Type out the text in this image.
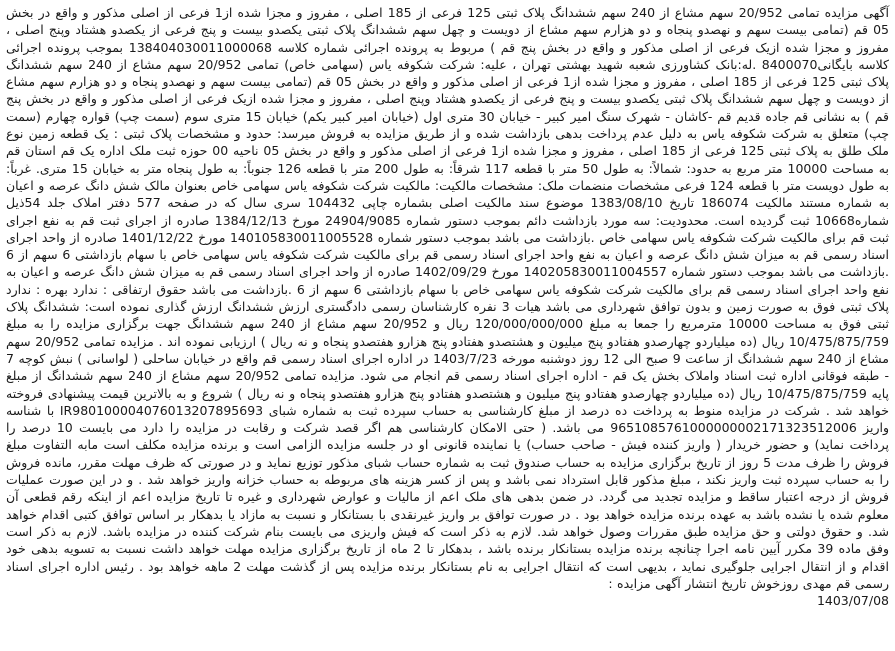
آگهی مزایده تمامی 20/952 سهم مشاع از 240 سهم ششدانگ پلاک ثبتی 125 فرعی از 185 اصلی ، مفروز و مجزا شده از1 فرعی از اصلی مذکور و واقع در بخش 05 قم (تمامی بیست سهم و نهصدو پنجاه و دو هزارم سهم مشاع از دویست و چهل سهم ششدانگ پلاک ثبتی یکصدو بیست و پنج فرعی از یکصدو هشتاد وپنج اصلی ، مفروز و مجزا شده ازیک فرعی از اصلی مذکور و واقع در بخش پنج قم ) مربوط به پرونده اجرائی شماره کلاسه 138404030011000068 بموجب پرونده اجرائی کلاسه بایگانی8400070 .له:بانک کشاورزی شعبه شهید بهشتی تهران ، علیه: شرکت شکوفه یاس (سهامی خاص) تمامی 20/952 سهم مشاع از 240 سهم ششدانگ پلاک ثبتی 125 فرعی از 185 اصلی ، مفروز و مجزا شده از1 فرعی از اصلی مذکور و واقع در بخش 05 قم (تمامی بیست سهم و نهصدو پنجاه و دو هزارم سهم مشاع از دویست و چهل سهم ششدانگ پلاک ثبتی یکصدو بیست و پنج فرعی از یکصدو هشتاد وپنج اصلی ، مفروز و مجزا شده ازیک فرعی از اصلی مذکور و واقع در بخش پنج قم ) به نشانی قم جاده قدیم قم -کاشان - شهرک سنگ امیر کبیر - خیابان 30 متری اول (خیابان امیر کبیر یکم) خیابان 15 متری سوم (سمت چپ) قواره چهارم (سمت چپ) متعلق به شرکت شکوفه یاس به دلیل عدم پرداخت بدهی بازداشت شده و از طریق مزایده به فروش میرسد: حدود و مشخصات پلاک ثبتی : یک قطعه زمین نوع ملک طلق به پلاک ثبتی 125 فرعی از 185 اصلی ، مفروز و مجزا شده از1 فرعی از اصلی مذکور و واقع در بخش 05 ناحیه 00 حوزه ثبت ملک اداره یک قم استان قم به مساحت 10000 متر مربع به حدود: شمالاً: به طول 50 متر با قطعه 117 شرقاً: به طول 200 متر با قطعه 126 جنوباً: به طول پنجاه متر به خیابان 15 متری. غرباً: به طول دویست متر با قطعه 124 فرعی مشخصات منضمات ملک: مشخصات مالکیت: مالکیت شرکت شکوفه یاس سهامی خاص بعنوان مالک شش دانگ عرصه و اعیان به شماره مستند مالکیت 186074 تاریخ 1383/08/10 موضوع سند مالکیت اصلی بشماره چاپی 104432 سری سال که در صفحه 577 دفتر املاک جلد 54ذیل شماره10668 ثبت گردیده است. محدودیت: سه مورد بازداشت دائم بموجب دستور شماره 24904/9085 مورخ 1384/12/13 صادره از اجرای ثبت قم به نفع اجرای ثبت قم برای مالکیت شرکت شکوفه یاس سهامی خاص .بازداشت می باشد بموجب دستور شماره 140105830011005528 مورخ 1401/12/22 صادره از واحد اجرای اسناد رسمی قم به میزان شش دانگ عرصه و اعیان به نفع واحد اجرای اسناد رسمی قم برای مالکیت شرکت شکوفه یاس سهامی خاص با سهام بازداشتی 6 سهم از 6 .بازداشت می باشد بموجب دستور شماره 140205830011004557 مورخ 1402/09/29 صادره از واحد اجرای اسناد رسمی قم به میزان شش دانگ عرصه و اعیان به نفع واحد اجرای اسناد رسمی قم برای مالکیت شرکت شکوفه یاس سهامی خاص با سهام بازداشتی 6 سهم از 6 .بازداشت می باشد حقوق ارتفاقی : ندارد بهره : ندارد پلاک ثبتی فوق به صورت زمین و بدون توافق شهرداری می باشد هیات 3 نفره کارشناسان رسمی دادگستری ارزش ششدانگ ارزش گذاری نموده است: ششدانگ پلاک ثبتی فوق به مساحت 10000 مترمربع را جمعا به مبلغ 120/000/000/000 ریال و 20/952 سهم مشاع از 240 سهم ششدانگ جهت برگزاری مزایده را به مبلغ 10/475/875/759 ریال (ده میلیاردو چهارصدو هفتادو پنج میلیون و هشتصدو هفتادو پنج هزارو هفتصدو پنجاه و نه ریال ) ارزیابی نموده اند . مزایده تمامی 20/952 سهم مشاع از 240 سهم ششدانگ از ساعت 9 صبح الی 12 روز دوشنبه مورخه 1403/7/23 در اداره اجرای اسناد رسمی قم واقع در خیابان ساحلی ( لواسانی ) نبش کوچه 7 - طبقه فوقانی اداره ثبت اسناد واملاک بخش یک قم - اداره اجرای اسناد رسمی قم انجام می شود. مزایده تمامی 20/952 سهم مشاع از 240 سهم ششدانگ از مبلغ پایه 10/475/875/759 ریال (ده میلیاردو چهارصدو هفتادو پنج میلیون و هشتصدو هفتادو پنج هزارو هفتصدو پنجاه و نه ریال ) شروع و به بالاترین قیمت پیشنهادی فروخته خواهد شد . شرکت در مزایده منوط به پرداخت ده درصد از مبلغ کارشناسی به حساب سپرده ثبت به شماره شبای IR980100004076013207895693 با شناسه واریز 9651085761000000002171323512006 می باشد. ( حتی الامکان کارشناسی هم اگر قصد شرکت و رقابت در مزایده را دارد می بایست 10 درصد را پرداخت نماید) و حضور خریدار ( واریز کننده فیش - صاحب حساب) یا نماینده قانونی او در جلسه مزایده الزامی است و برنده مزایده مکلف است مابه التفاوت مبلغ فروش را ظرف مدت 5 روز از تاریخ برگزاری مزایده به حساب صندوق ثبت به شماره حساب شبای مذکور توزیع نماید و در صورتی که ظرف مهلت مقرر، مانده فروش را به حساب سپرده ثبت واریز نکند ، مبلغ مذکور قابل استرداد نمی باشد و پس از کسر هزینه های مربوطه به حساب خزانه واریز خواهد شد . و در این صورت عملیات فروش از درجه اعتبار ساقط و مزایده تجدید می گردد. در ضمن بدهی های ملک اعم از مالیات و عوارض شهرداری و غیره تا تاریخ مزایده اعم از اینکه رقم قطعی آن معلوم شده یا نشده باشد به عهده برنده مزایده خواهد بود . در صورت توافق بر واریز غیرنقدی با بستانکار و نسبت به مازاد یا بدهکار بر اساس توافق کتبی اقدام خواهد شد. و حقوق دولتی و حق مزایده طبق مقررات وصول خواهد شد. لازم به ذکر است که فیش واریزی می بایست بنام شرکت کننده در مزایده باشد. لازم به ذکر است وفق ماده 39 مکرر آیین نامه اجرا چنانچه برنده مزایده بستانکار برنده باشد ، بدهکار تا 2 ماه از تاریخ برگزاری مزایده مهلت خواهد داشت نسبت به تسویه بدهی خود اقدام و از انتقال اجرایی جلوگیری نماید ، بدیهی است که انتقال اجرایی به نام بستانکار برنده مزایده پس از گذشت مهلت 2 ماهه خواهد بود . رئیس اداره اجرای اسناد رسمی قم مهدی روزخوش تاریخ انتشار آگهی مزایده :

1403/07/08
